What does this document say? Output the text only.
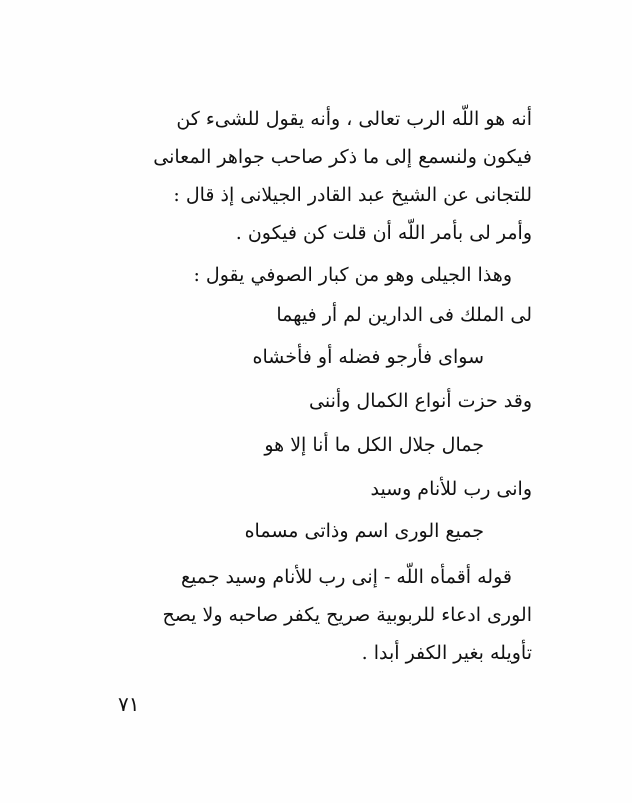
أنه هو اللّه الرب تعالى ، وأنه يقول للشىء كن
فيكون ولنسمع إلى ما ذكر صاحب جواهر المعانى
للتجانى عن الشيخ عبد القادر الجيلانى إذ قال :
وأمر لى بأمر اللّه أن قلت كن فيكون .
وهذا الجيلى وهو من كبار الصوفي يقول :
لى الملك فى الدارين لم أر فيهما
سواى فأرجو فضله أو فأخشاه
وقد حزت أنواع الكمال وأننى
جمال جلال الكل ما أنا إلا هو
وانى رب للأنام وسيد
جميع الورى اسم وذاتى مسماه
قوله أقمأه اللّه - إنى رب للأنام وسيد جميع
الورى ادعاء للربوبية صريح يكفر صاحبه ولا يصح
تأويله بغير الكفر أبدا .
٧١
